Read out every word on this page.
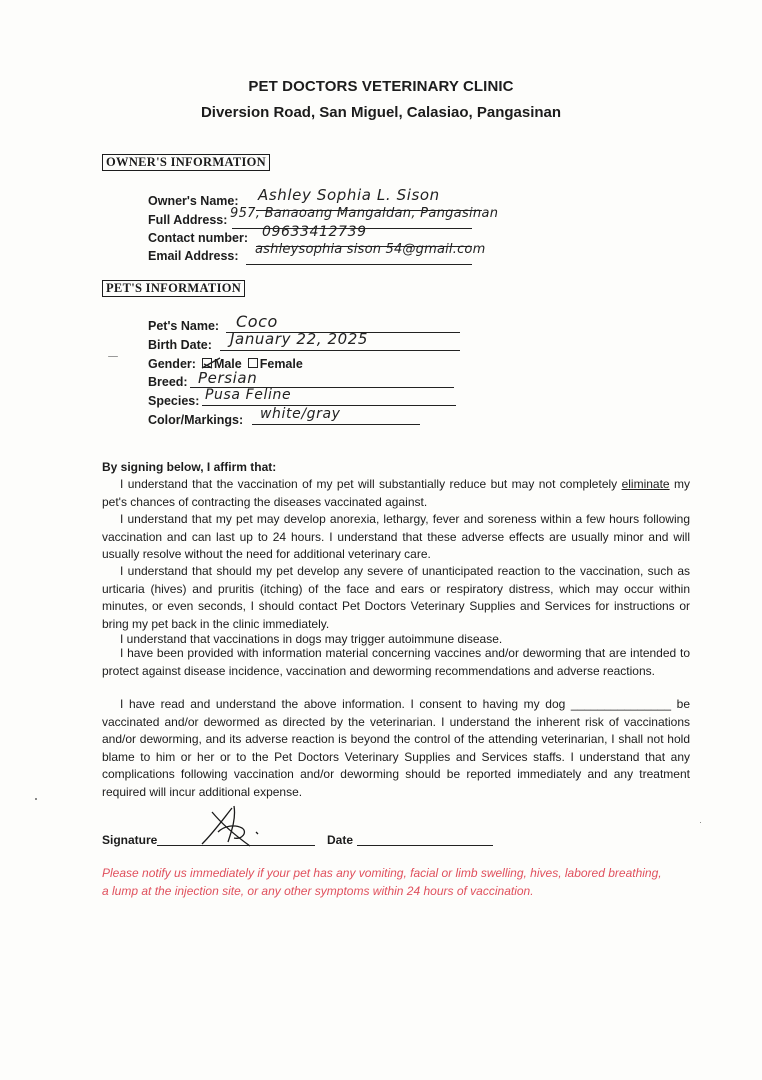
PET DOCTORS VETERINARY CLINIC
Diversion Road, San Miguel, Calasiao, Pangasinan
OWNER'S INFORMATION
Owner's Name: Ashley Sophia L. Sison
Full Address: 957, Banaoang Mangaldan, Pangasinan
Contact number: 09633412739
Email Address: ashleysophia sison 54@gmail.com
PET'S INFORMATION
Pet's Name: Coco
Birth Date: January 22, 2025
Gender: Male Female
Breed: Persian
Species: Pusa Feline
Color/Markings: white/gray
By signing below, I affirm that:
I understand that the vaccination of my pet will substantially reduce but may not completely eliminate my pet's chances of contracting the diseases vaccinated against.
I understand that my pet may develop anorexia, lethargy, fever and soreness within a few hours following vaccination and can last up to 24 hours. I understand that these adverse effects are usually minor and will usually resolve without the need for additional veterinary care.
I understand that should my pet develop any severe of unanticipated reaction to the vaccination, such as urticaria (hives) and pruritis (itching) of the face and ears or respiratory distress, which may occur within minutes, or even seconds, I should contact Pet Doctors Veterinary Supplies and Services for instructions or bring my pet back in the clinic immediately.
I understand that vaccinations in dogs may trigger autoimmune disease.
I have been provided with information material concerning vaccines and/or deworming that are intended to protect against disease incidence, vaccination and deworming recommendations and adverse reactions.
I have read and understand the above information. I consent to having my dog _______________ be vaccinated and/or dewormed as directed by the veterinarian. I understand the inherent risk of vaccinations and/or deworming, and its adverse reaction is beyond the control of the attending veterinarian, I shall not hold blame to him or her or to the Pet Doctors Veterinary Supplies and Services staffs. I understand that any complications following vaccination and/or deworming should be reported immediately and any treatment required will incur additional expense.
Signature	Date
Please notify us immediately if your pet has any vomiting, facial or limb swelling, hives, labored breathing, a lump at the injection site, or any other symptoms within 24 hours of vaccination.
